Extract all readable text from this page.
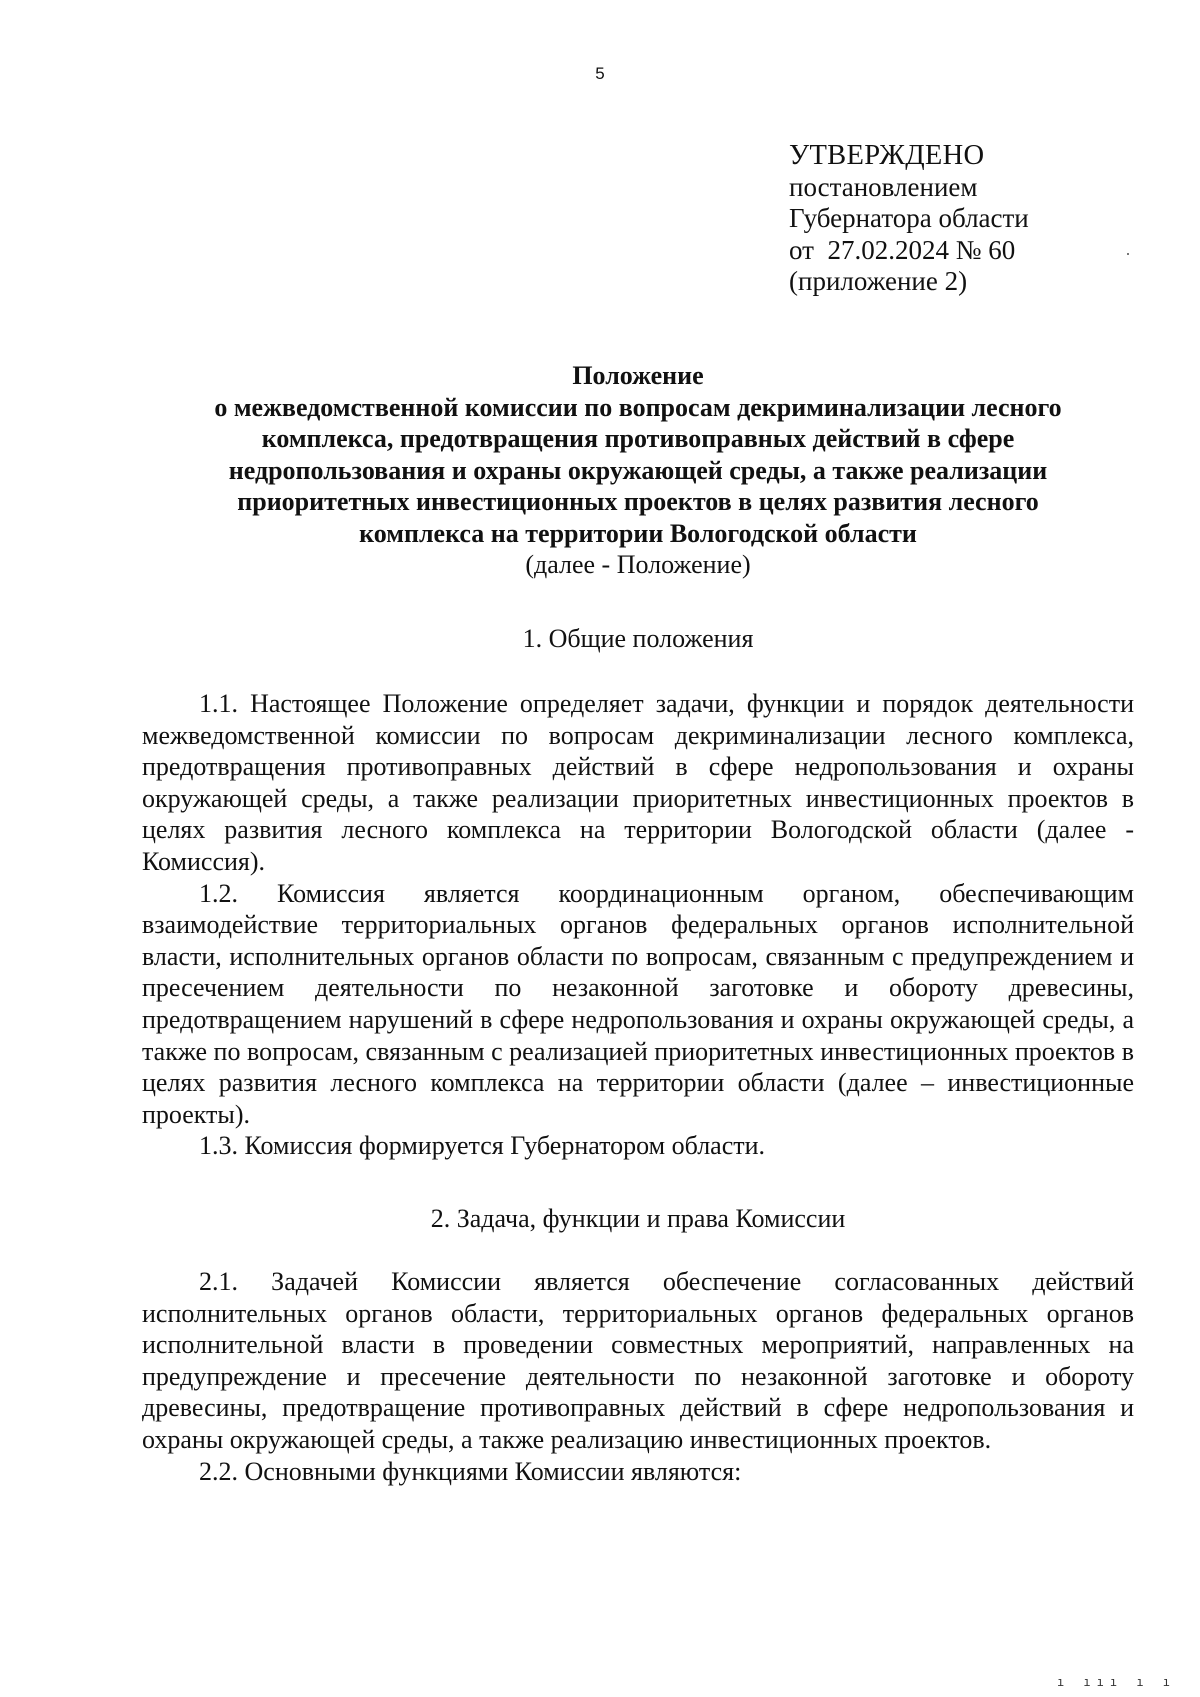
5
УТВЕРЖДЕНО
постановлением
Губернатора области
от  27.02.2024 № 60
(приложение 2)
Положение
о межведомственной комиссии по вопросам декриминализации лесного
комплекса, предотвращения противоправных действий в сфере
недропользования и охраны окружающей среды, а также реализации
приоритетных инвестиционных проектов в целях развития лесного
комплекса на территории Вологодской области
(далее - Положение)
1. Общие положения

1.1. Настоящее Положение определяет задачи, функции и порядок деятельности межведомственной комиссии по вопросам декриминализации лесного комплекса, предотвращения противоправных действий в сфере недропользования и охраны окружающей среды, а также реализации приоритетных инвестиционных проектов в целях развития лесного комплекса на территории Вологодской области (далее - Комиссия).

1.2. Комиссия является координационным органом, обеспечивающим взаимодействие территориальных органов федеральных органов исполнительной власти, исполнительных органов области по вопросам, связанным с предупреждением и пресечением деятельности по незаконной заготовке и обороту древесины, предотвращением нарушений в сфере недропользования и охраны окружающей среды, а также по вопросам, связанным с реализацией приоритетных инвестиционных проектов в целях развития лесного комплекса на территории области (далее – инвестиционные проекты).

1.3. Комиссия формируется Губернатором области.

2. Задача, функции и права Комиссии

2.1. Задачей Комиссии является обеспечение согласованных действий исполнительных органов области, территориальных органов федеральных органов исполнительной власти в проведении совместных мероприятий, направленных на предупреждение и пресечение деятельности по незаконной заготовке и обороту древесины, предотвращение противоправных действий в сфере недропользования и охраны окружающей среды, а также реализацию инвестиционных проектов.

2.2. Основными функциями Комиссии являются:

ı ııı ı ı
